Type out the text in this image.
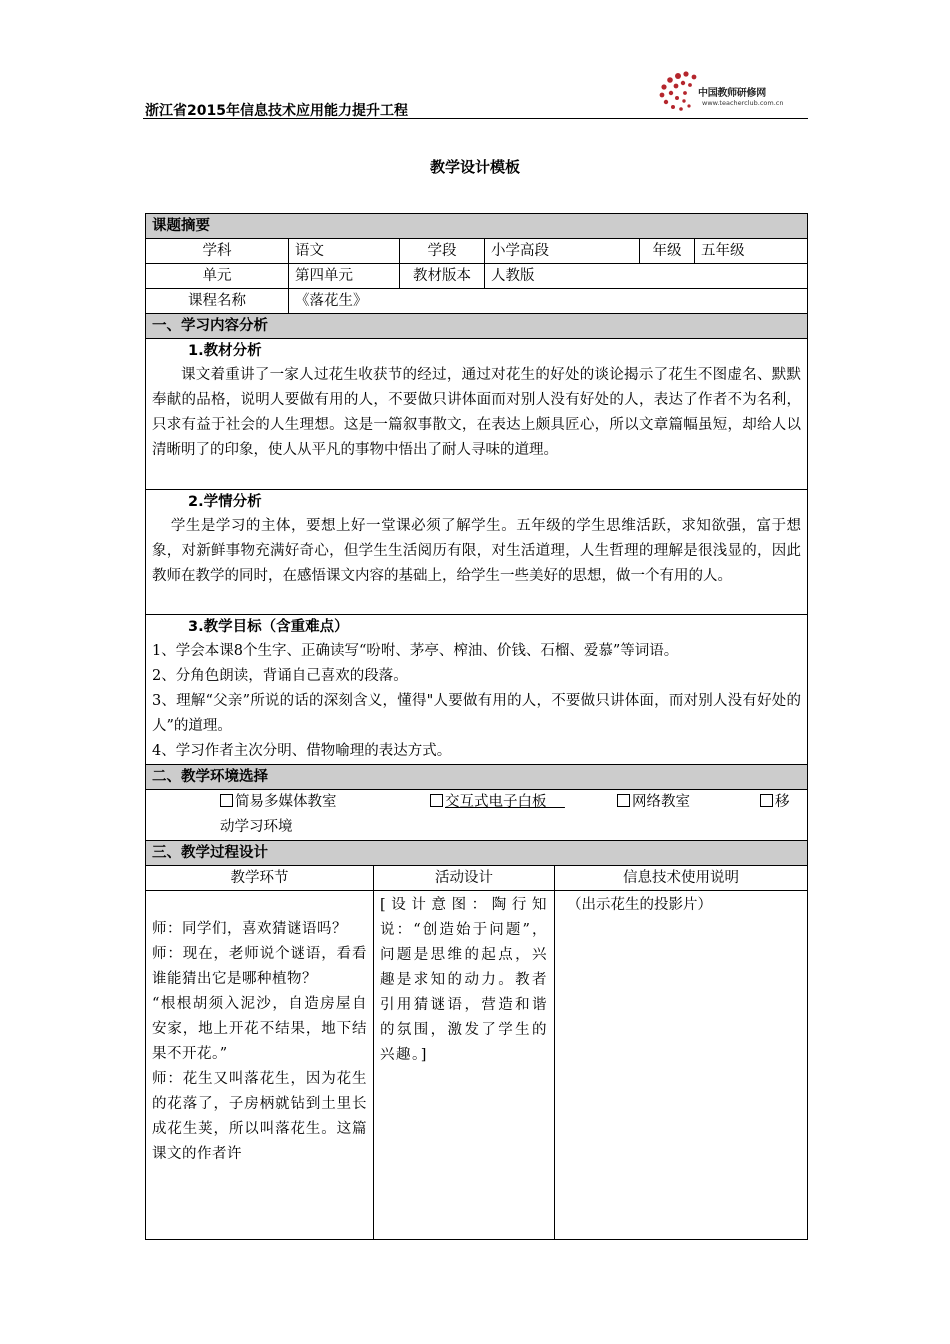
浙江省2015年信息技术应用能力提升工程
中国教师研修网
www.teacherclub.com.cn
教学设计模板
课题摘要							
学科	语文		学段	小学高段		年级	五年级
单元	第四单元		教材版本	人教版			
课程名称	《落花生》						
一、学习内容分析							

1.教材分析
课文着重讲了一家人过花生收获节的经过，通过对花生的好处的谈论揭示了花生不图虚名、默默奉献的品格，说明人要做有用的人，不要做只讲体面而对别人没有好处的人，表达了作者不为名利，只求有益于社会的人生理想。这是一篇叙事散文，在表达上颇具匠心，所以文章篇幅虽短，却给人以清晰明了的印象，使人从平凡的事物中悟出了耐人寻味的道理。							

2.学情分析
学生是学习的主体，要想上好一堂课必须了解学生。五年级的学生思维活跃，求知欲强，富于想象，对新鲜事物充满好奇心，但学生生活阅历有限，对生活道理，人生哲理的理解是很浅显的，因此教师在教学的同时，在感悟课文内容的基础上，给学生一些美好的思想，做一个有用的人。							

3.教学目标（含重难点）
1、学会本课8个生字、正确读写“吩咐、茅亭、榨油、价钱、石榴、爱慕”等词语。
2、分角色朗读，背诵自己喜欢的段落。
3、理解“父亲”所说的话的深刻含义，懂得"人要做有用的人，不要做只讲体面，而对别人没有好处的人”的道理。
4、学习作者主次分明、借物喻理的表达方式。							

二、教学环境选择							
简易多媒体教室 交互式电子白板 网络教室 移
动学习环境							

三、教学过程设计							
教学环节		活动设计			信息技术使用说明		

师：同学们，喜欢猜谜语吗？
师：现在，老师说个谜语，看看谁能猜出它是哪种植物？
“根根胡须入泥沙，自造房屋自安家，地上开花不结果，地下结果不开花。”
师：花生又叫落花生，因为花生的花落了，子房柄就钻到土里长成花生荚，所以叫落花生。这篇课文的作者许		[设计意图：陶行知说：“创造始于问题”，问题是思维的起点，兴趣是求知的动力。教者引用猜谜语，营造和谐的氛围，激发了学生的兴趣。]			（出示花生的投影片）		
